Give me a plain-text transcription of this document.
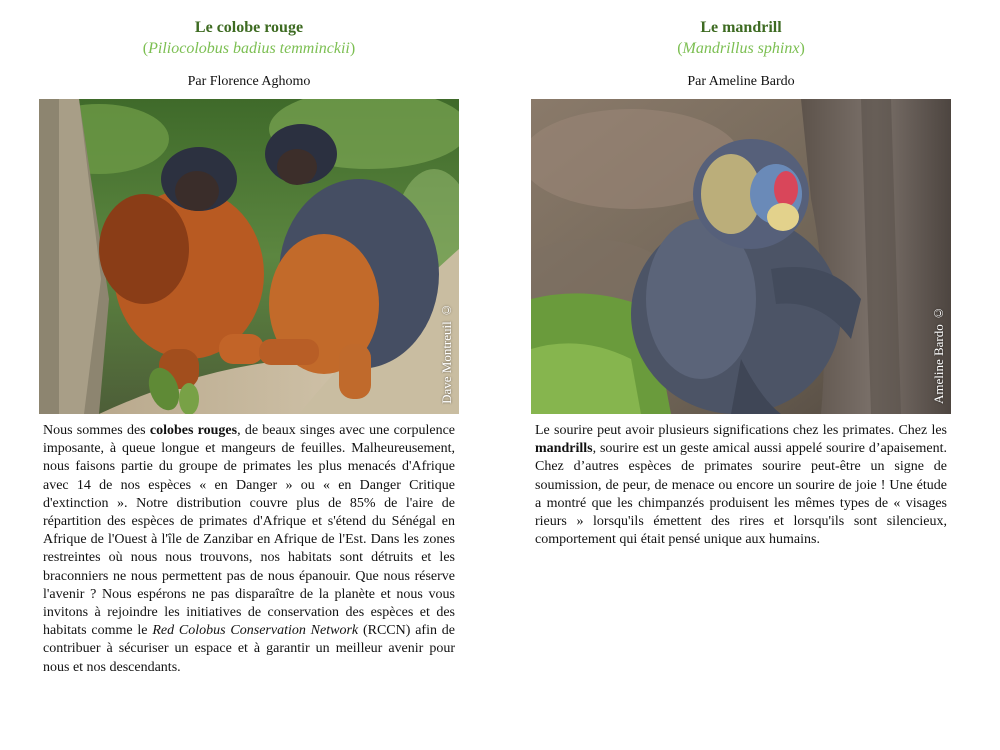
Le colobe rouge
(Piliocolobus badius temminckii)
Par Florence Aghomo
Dave Montreuil ©
Nous sommes des colobes rouges, de beaux singes avec une corpulence imposante, à queue longue et mangeurs de feuilles. Malheureusement, nous faisons partie du groupe de primates les plus menacés d'Afrique avec 14 de nos espèces « en Danger » ou « en Danger Critique d'extinction ». Notre distribution couvre plus de 85% de l'aire de répartition des espèces de primates d'Afrique et s'étend du Sénégal en Afrique de l'Ouest à l'île de Zanzibar en Afrique de l'Est. Dans les zones restreintes où nous nous trouvons, nos habitats sont détruits et les braconniers ne nous permettent pas de nous épanouir. Que nous réserve l'avenir ? Nous espérons ne pas disparaître de la planète et nous vous invitons à rejoindre les initiatives de conservation des espèces et des habitats comme le Red Colobus Conservation Network (RCCN) afin de contribuer à sécuriser un espace et à garantir un meilleur avenir pour nous et nos descendants.
Le mandrill
(Mandrillus sphinx)
Par Ameline Bardo
Ameline Bardo ©
Le sourire peut avoir plusieurs significations chez les primates. Chez les mandrills, sourire est un geste amical aussi appelé sourire d’apaisement. Chez d’autres espèces de primates sourire peut-être un signe de soumission, de peur, de menace ou encore un sourire de joie ! Une étude a montré que les chimpanzés produisent les mêmes types de « visages rieurs » lorsqu'ils émettent des rires et lorsqu'ils sont silencieux, comportement qui était pensé unique aux humains.
